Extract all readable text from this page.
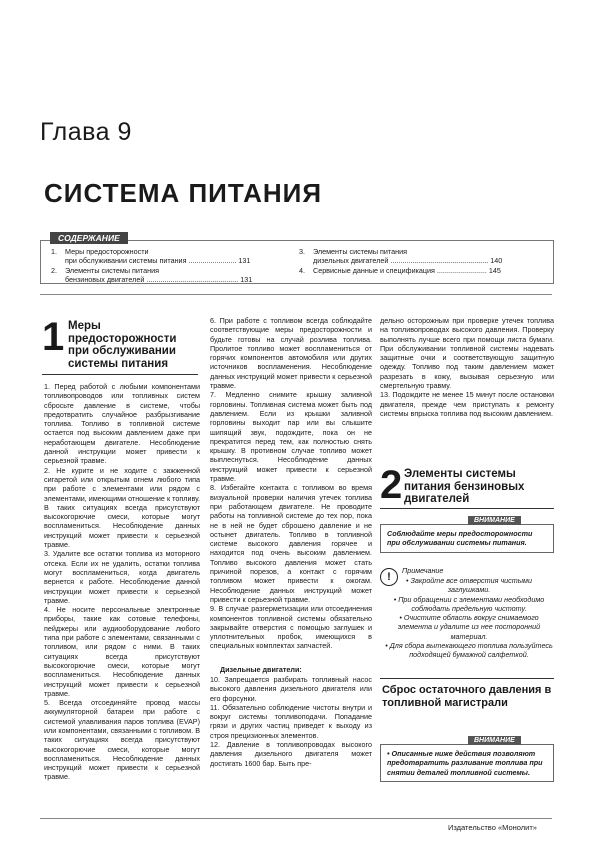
Глава 9
СИСТЕМА ПИТАНИЯ
1.	Меры предосторожности
при обслуживании системы питания ........................ 131
2.	Элементы системы питания
бензиновых двигателей .............................................. 131
3.	Элементы системы питания
дизельных двигателей ................................................. 140
4.	Сервисные данные и спецификация ......................... 145
СОДЕРЖАНИЕ
1 Меры предосторожности при обслуживании системы питания
1. Перед работой с любыми компонентами топливопроводов или топливных систем сбросьте давление в системе, чтобы предотвратить случайное разбрызгивание топлива. Топливо в топливной системе остается под высоким давлением даже при неработающем двигателе. Несоблюдение данной инструкции может привести к серьезной травме.
2. Не курите и не ходите с зажженной сигаретой или открытым огнем любого типа при работе с элементами или рядом с элементами, имеющими отношение к топливу. В таких ситуациях всегда присутствуют высокогорючие смеси, которые могут воспламениться. Несоблюдение данных инструкций может привести к серьезной травме.
3. Удалите все остатки топлива из моторного отсека. Если их не удалить, остатки топлива могут воспламениться, когда двигатель вернется к работе. Несоблюдение данной инструкции может привести к серьезной травме.
4. Не носите персональные электронные приборы, такие как сотовые телефоны, пейджеры или аудиооборудование любого типа при работе с элементами, связанными с топливом, или рядом с ними. В таких ситуациях всегда присутствуют высокогорючие смеси, которые могут воспламениться. Несоблюдение данных инструкций может привести к серьезной травме.
5. Всегда отсоединяйте провод массы аккумуляторной батареи при работе с системой улавливания паров топлива (EVAP) или компонентами, связанными с топливом. В таких ситуациях всегда присутствуют высокогорючие смеси, которые могут воспламениться. Несоблюдение данных инструкций может привести к серьезной травме.
6. При работе с топливом всегда соблюдайте соответствующие меры предосторожности и будьте готовы на случай розлива топлива. Пролитое топливо может воспламениться от горячих компонентов автомобиля или других источников воспламенения. Несоблюдение данных инструкций может привести к серьезной травме.
7. Медленно снимите крышку заливной горловины. Топливная система может быть под давлением. Если из крышки заливной горловины выходит пар или вы слышите шипящий звук, подождите, пока он не прекратится перед тем, как полностью снять крышку. В противном случае топливо может выплеснуться. Несоблюдение данных инструкций может привести к серьезной травме.
8. Избегайте контакта с топливом во время визуальной проверки наличия утечек топлива при работающем двигателе. Не проводите работы на топливной системе до тех пор, пока не в ней не будет сброшено давление и не остынет двигатель. Топливо в топливной системе высокого давления горячее и находится под очень высоким давлением. Топливо высокого давления может стать причиной порезов, а контакт с горячим топливом может привести к ожогам. Несоблюдение данных инструкций может привести к серьезной травме.
9. В случае разгерметизации или отсоединения компонентов топливной системы обязательно закрывайте отверстия с помощью заглушек и уплотнительных пробок, имеющихся в специальных комплектах запчастей.
Дизельные двигатели:
10. Запрещается разбирать топливный насос высокого давления дизельного двигателя или его форсунки.
11. Обязательно соблюдение чистоты внутри и вокруг системы топливоподачи. Попадание грязи и других частиц приведет к выходу из строя прецизионных элементов.
12. Давление в топливопроводах высокого давления дизельного двигателя может достигать 1600 бар. Быть пре-
дельно осторожным при проверке утечек топлива на топливопроводах высокого давления. Проверку выполнять лучше всего при помощи листа бумаги. При обслуживании топливной системы надевать защитные очки и соответствующую защитную одежду. Топливо под таким давлением может разрезать в кожу, вызывая серьезную или смертельную травму.
13. Подождите не менее 15 минут после остановки двигателя, прежде чем приступать к ремонту системы впрыска топлива под высоким давлением.
2 Элементы системы питания бензиновых двигателей
Соблюдайте меры предосторожности при обслуживании системы питания.
ВНИМАНИЕ
!
Примечание
• Закройте все отверстия чистыми заглушками.
• При обращении с элементами необходимо соблюдать предельную чистоту.
• Очистите область вокруг снимаемого элемента и удалите из нее посторонний материал.
• Для сбора вытекающего топлива пользуйтесь подходящей бумажной салфеткой.
Сброс остаточного давления в топливной магистрали
• Описанные ниже действия позволяют предотвратить разливание топлива при снятии деталей топливной системы.
ВНИМАНИЕ
Издательство «Монолит»
